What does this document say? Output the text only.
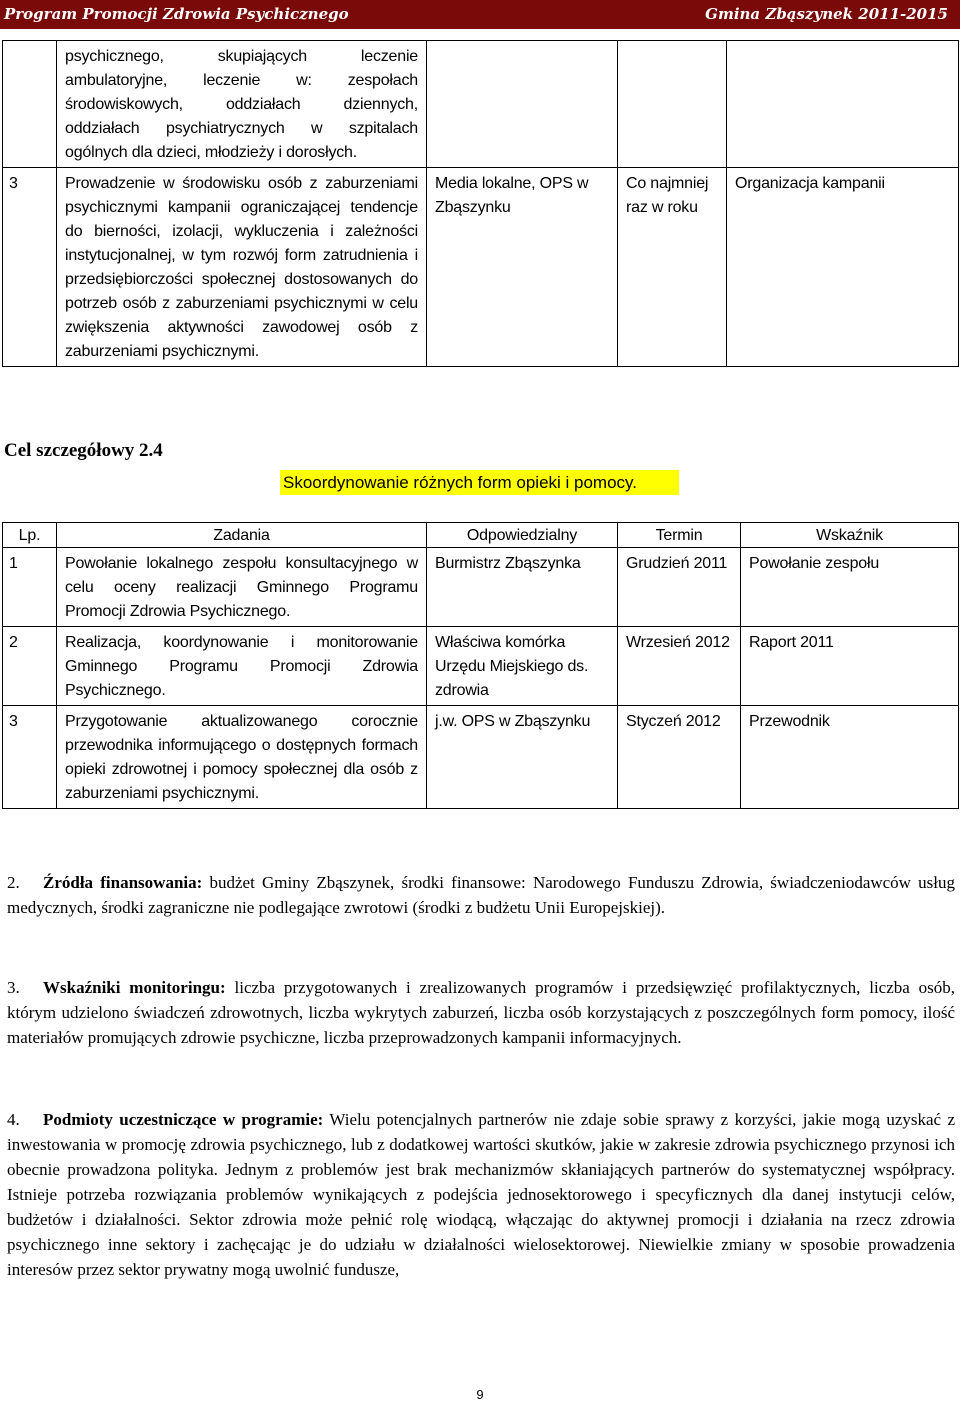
Program Promocji Zdrowia Psychicznego	Gmina Zbąszynek 2011-2015
	psychicznego, skupiających leczenie ambulatoryjne, leczenie w: zespołach środowiskowych, oddziałach dziennych, oddziałach psychiatrycznych w szpitalach ogólnych dla dzieci, młodzieży i dorosłych.			
3	Prowadzenie w środowisku osób z zaburzeniami psychicznymi kampanii ograniczającej tendencje do bierności, izolacji, wykluczenia i zależności instytucjonalnej, w tym rozwój form zatrudnienia i przedsiębiorczości społecznej dostosowanych do potrzeb osób z zaburzeniami psychicznymi w celu zwiększenia aktywności zawodowej osób z zaburzeniami psychicznymi.	Media lokalne, OPS w Zbąszynku	Co najmniej raz w roku	Organizacja kampanii
Cel szczegółowy 2.4
Skoordynowanie różnych form opieki i pomocy.
Lp.	Zadania	Odpowiedzialny	Termin	Wskaźnik
1	Powołanie lokalnego zespołu konsultacyjnego w celu oceny realizacji Gminnego Programu Promocji Zdrowia Psychicznego.	Burmistrz Zbąszynka	Grudzień 2011	Powołanie zespołu
2	Realizacja, koordynowanie i monitorowanie Gminnego Programu Promocji Zdrowia Psychicznego.	Właściwa komórka Urzędu Miejskiego ds. zdrowia	Wrzesień 2012	Raport 2011
3	Przygotowanie aktualizowanego corocznie przewodnika informującego o dostępnych formach opieki zdrowotnej i pomocy społecznej dla osób z zaburzeniami psychicznymi.	j.w. OPS w Zbąszynku	Styczeń 2012	Przewodnik
2. Źródła finansowania: budżet Gminy Zbąszynek, środki finansowe: Narodowego Funduszu Zdrowia, świadczeniodawców usług medycznych, środki zagraniczne nie podlegające zwrotowi (środki z budżetu Unii Europejskiej).
3. Wskaźniki monitoringu: liczba przygotowanych i zrealizowanych programów i przedsięwzięć profilaktycznych, liczba osób, którym udzielono świadczeń zdrowotnych, liczba wykrytych zaburzeń, liczba osób korzystających z poszczególnych form pomocy, ilość materiałów promujących zdrowie psychiczne, liczba przeprowadzonych kampanii informacyjnych.
4. Podmioty uczestniczące w programie: Wielu potencjalnych partnerów nie zdaje sobie sprawy z korzyści, jakie mogą uzyskać z inwestowania w promocję zdrowia psychicznego, lub z dodatkowej wartości skutków, jakie w zakresie zdrowia psychicznego przynosi ich obecnie prowadzona polityka. Jednym z problemów jest brak mechanizmów skłaniających partnerów do systematycznej współpracy. Istnieje potrzeba rozwiązania problemów wynikających z podejścia jednosektorowego i specyficznych dla danej instytucji celów, budżetów i działalności. Sektor zdrowia może pełnić rolę wiodącą, włączając do aktywnej promocji i działania na rzecz zdrowia psychicznego inne sektory i zachęcając je do udziału w działalności wielosektorowej. Niewielkie zmiany w sposobie prowadzenia interesów przez sektor prywatny mogą uwolnić fundusze,
9
